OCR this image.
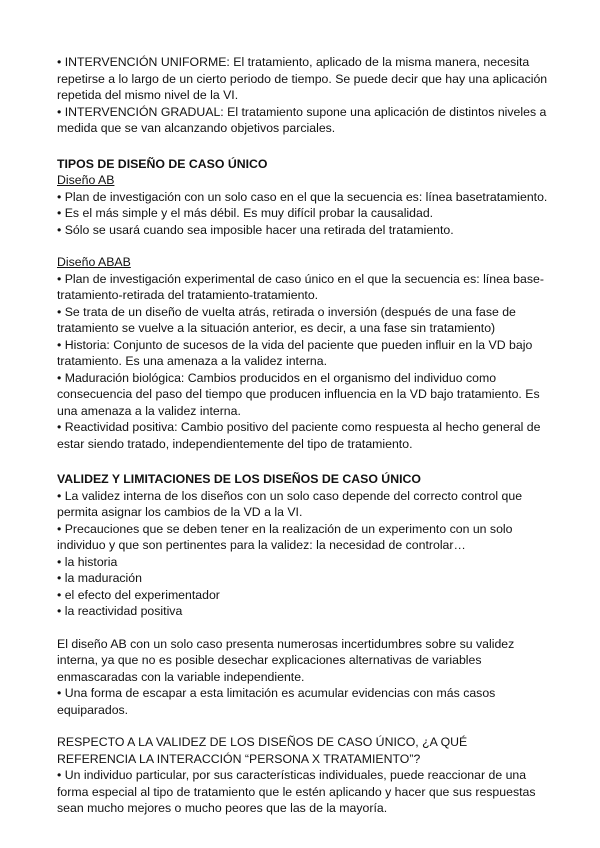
• INTERVENCIÓN UNIFORME: El tratamiento, aplicado de la misma manera, necesita repetirse a lo largo de un cierto periodo de tiempo. Se puede decir que hay una aplicación repetida del mismo nivel de la VI.

• INTERVENCIÓN GRADUAL: El tratamiento supone una aplicación de distintos niveles a medida que se van alcanzando objetivos parciales.

TIPOS DE DISEÑO DE CASO ÚNICO

Diseño AB

• Plan de investigación con un solo caso en el que la secuencia es: línea basetratamiento.

• Es el más simple y el más débil. Es muy difícil probar la causalidad.

• Sólo se usará cuando sea imposible hacer una retirada del tratamiento.

Diseño ABAB

• Plan de investigación experimental de caso único en el que la secuencia es: línea base-tratamiento-retirada del tratamiento-tratamiento.

• Se trata de un diseño de vuelta atrás, retirada o inversión (después de una fase de tratamiento se vuelve a la situación anterior, es decir, a una fase sin tratamiento)

• Historia: Conjunto de sucesos de la vida del paciente que pueden influir en la VD bajo tratamiento. Es una amenaza a la validez interna.

• Maduración biológica: Cambios producidos en el organismo del individuo como consecuencia del paso del tiempo que producen influencia en la VD bajo tratamiento. Es una amenaza a la validez interna.

• Reactividad positiva: Cambio positivo del paciente como respuesta al hecho general de estar siendo tratado, independientemente del tipo de tratamiento.

VALIDEZ Y LIMITACIONES DE LOS DISEÑOS DE CASO ÚNICO

• La validez interna de los diseños con un solo caso depende del correcto control que permita asignar los cambios de la VD a la VI.

• Precauciones que se deben tener en la realización de un experimento con un solo individuo y que son pertinentes para la validez: la necesidad de controlar…

• la historia

• la maduración

• el efecto del experimentador

• la reactividad positiva

El diseño AB con un solo caso presenta numerosas incertidumbres sobre su validez interna, ya que no es posible desechar explicaciones alternativas de variables enmascaradas con la variable independiente.

• Una forma de escapar a esta limitación es acumular evidencias con más casos equiparados.

RESPECTO A LA VALIDEZ DE LOS DISEÑOS DE CASO ÚNICO, ¿A QUÉ REFERENCIA LA INTERACCIÓN “PERSONA X TRATAMIENTO”?

• Un individuo particular, por sus características individuales, puede reaccionar de una forma especial al tipo de tratamiento que le estén aplicando y hacer que sus respuestas sean mucho mejores o mucho peores que las de la mayoría.
